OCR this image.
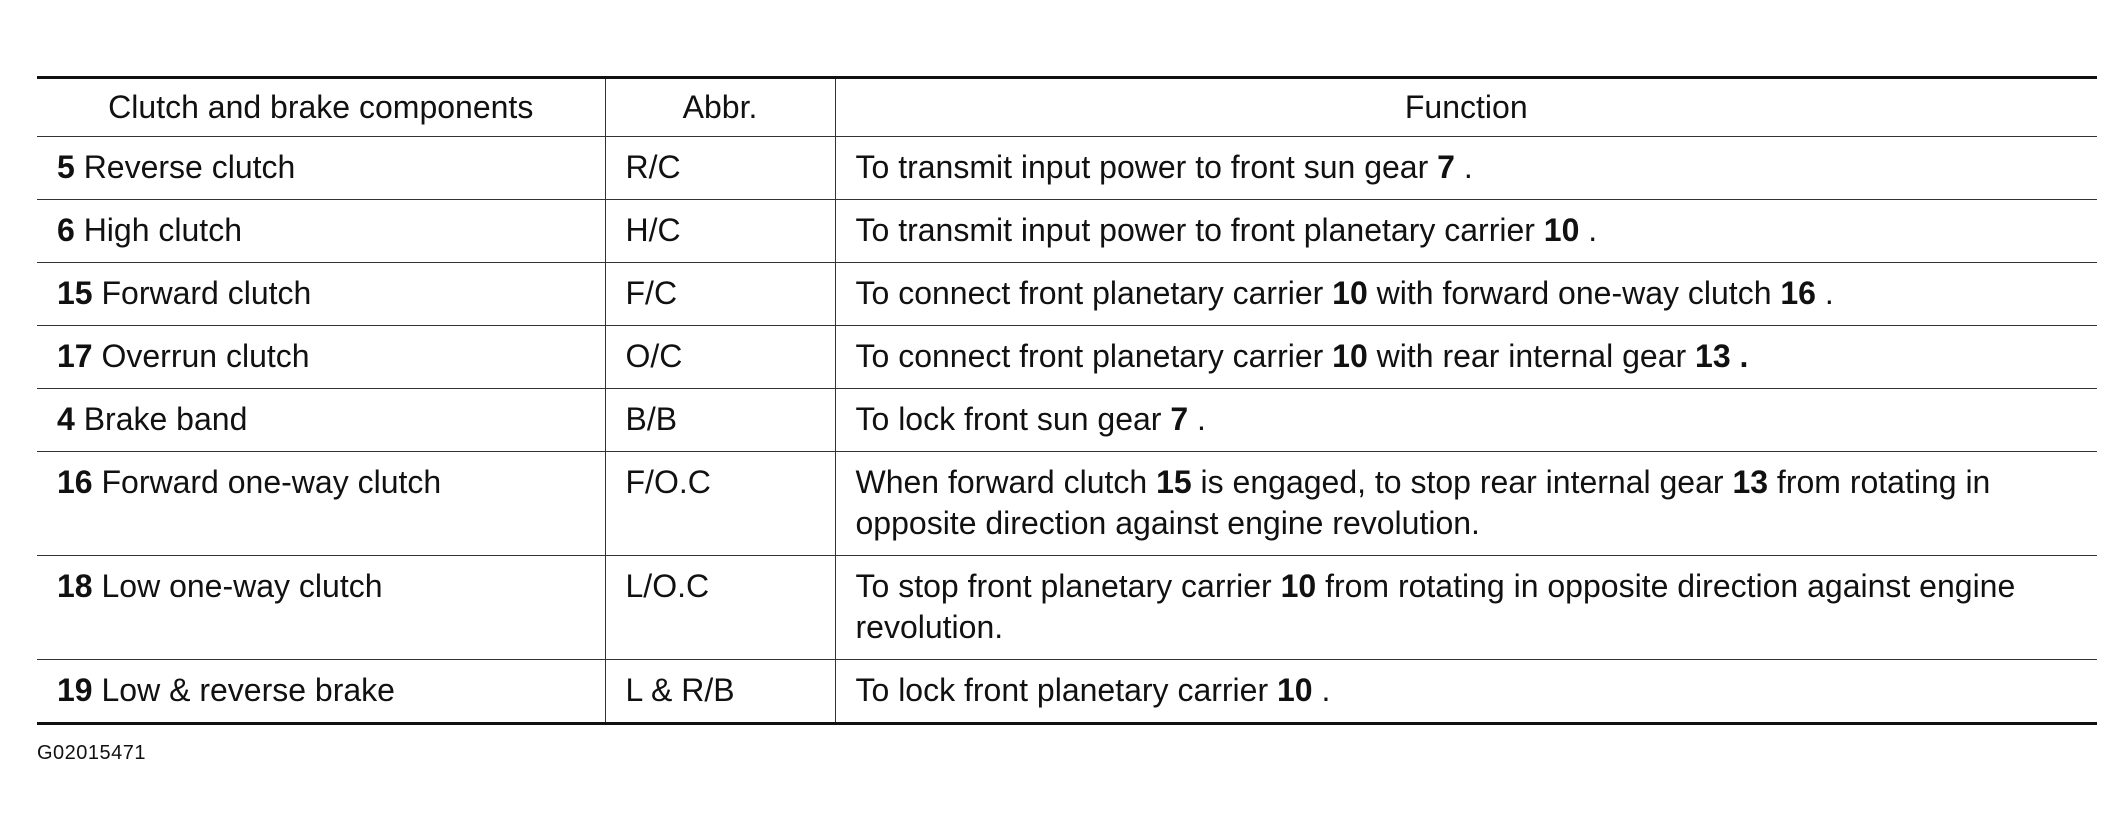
Clutch and brake components	Abbr.	Function
5 Reverse clutch	R/C	To transmit input power to front sun gear 7 .
6 High clutch	H/C	To transmit input power to front planetary carrier 10 .
15 Forward clutch	F/C	To connect front planetary carrier 10 with forward one-way clutch 16 .
17 Overrun clutch	O/C	To connect front planetary carrier 10 with rear internal gear 13 .
4 Brake band	B/B	To lock front sun gear 7 .
16 Forward one-way clutch	F/O.C	When forward clutch 15 is engaged, to stop rear internal gear 13 from rotating in opposite direction against engine revolution.
18 Low one-way clutch	L/O.C	To stop front planetary carrier 10 from rotating in opposite direction against engine revolution.
19 Low & reverse brake	L & R/B	To lock front planetary carrier 10 .
G02015471
